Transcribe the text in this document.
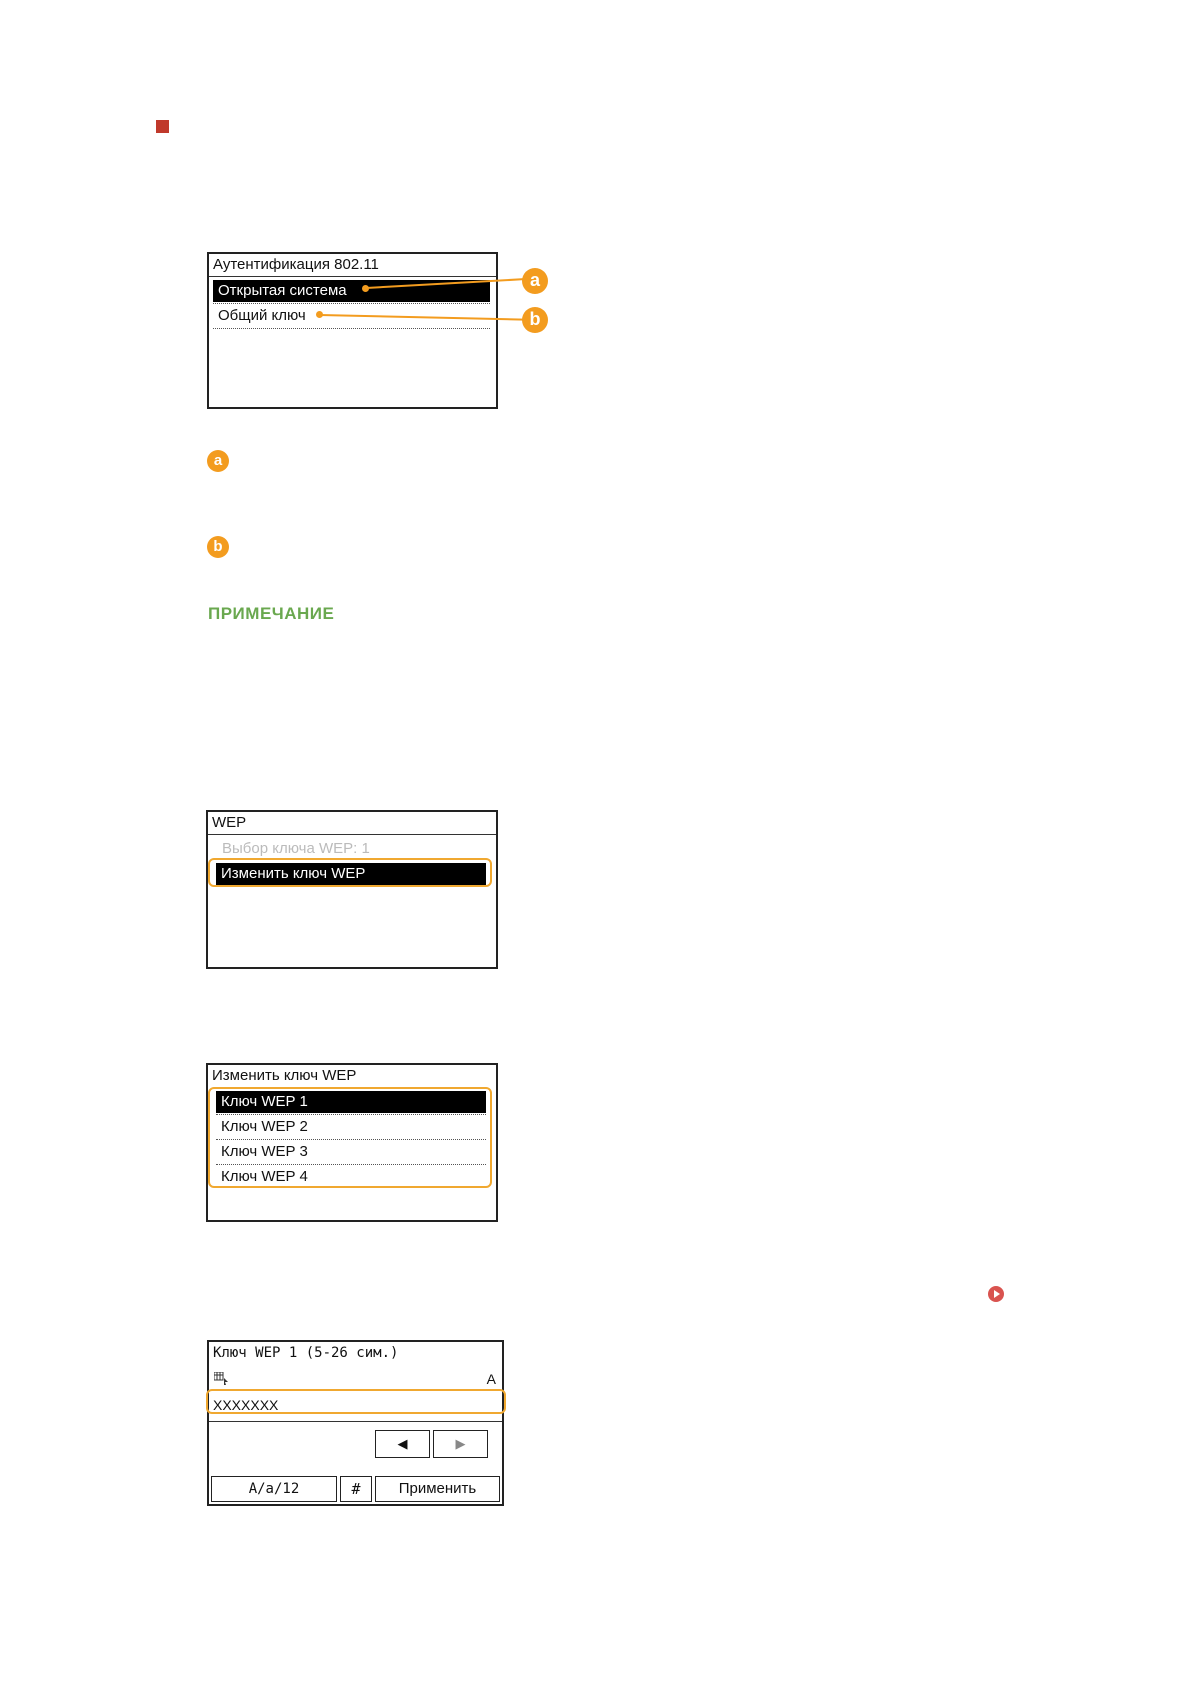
Аутентификация 802.11
Открытая система
Общий ключ
a
b
a
b
ПРИМЕЧАНИЕ
WEP
Выбор ключа WEP: 1
Изменить ключ WEP
Изменить ключ WEP
Ключ WEP 1
Ключ WEP 2
Ключ WEP 3
Ключ WEP 4
Ключ WEP 1 (5-26 сим.)
A
XXXXXXX
◀	▶
A/a/12	#	Применить
